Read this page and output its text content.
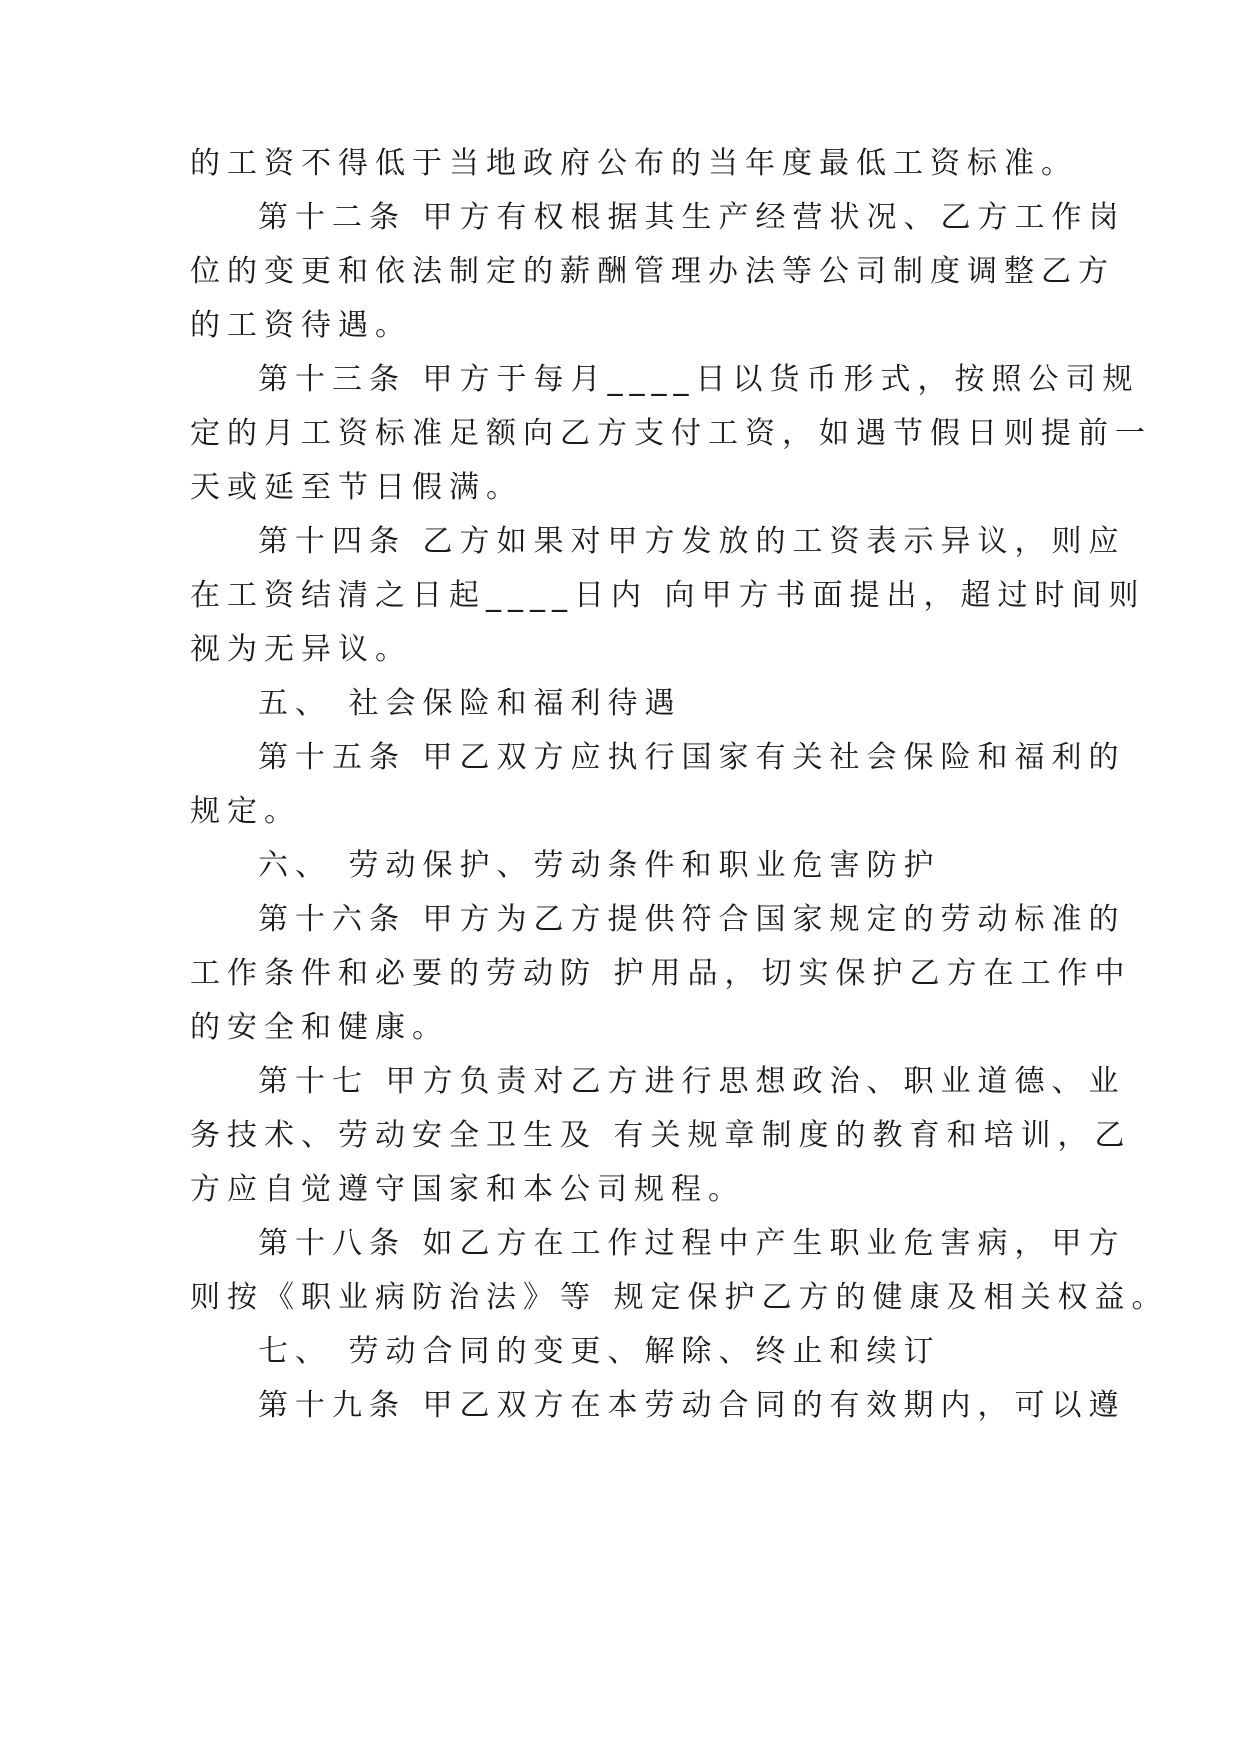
的工资不得低于当地政府公布的当年度最低工资标准。
第十二条 甲方有权根据其生产经营状况、乙方工作岗
位的变更和依法制定的薪酬管理办法等公司制度调整乙方
的工资待遇。
第十三条 甲方于每月____日以货币形式，按照公司规
定的月工资标准足额向乙方支付工资，如遇节假日则提前一
天或延至节日假满。
第十四条 乙方如果对甲方发放的工资表示异议，则应
在工资结清之日起____日内 向甲方书面提出，超过时间则
视为无异议。
五、 社会保险和福利待遇
第十五条 甲乙双方应执行国家有关社会保险和福利的
规定。
六、 劳动保护、劳动条件和职业危害防护
第十六条 甲方为乙方提供符合国家规定的劳动标准的
工作条件和必要的劳动防 护用品，切实保护乙方在工作中
的安全和健康。
第十七 甲方负责对乙方进行思想政治、职业道德、业
务技术、劳动安全卫生及 有关规章制度的教育和培训，乙
方应自觉遵守国家和本公司规程。
第十八条 如乙方在工作过程中产生职业危害病，甲方
则按《职业病防治法》等 规定保护乙方的健康及相关权益。
七、 劳动合同的变更、解除、终止和续订
第十九条 甲乙双方在本劳动合同的有效期内，可以遵
